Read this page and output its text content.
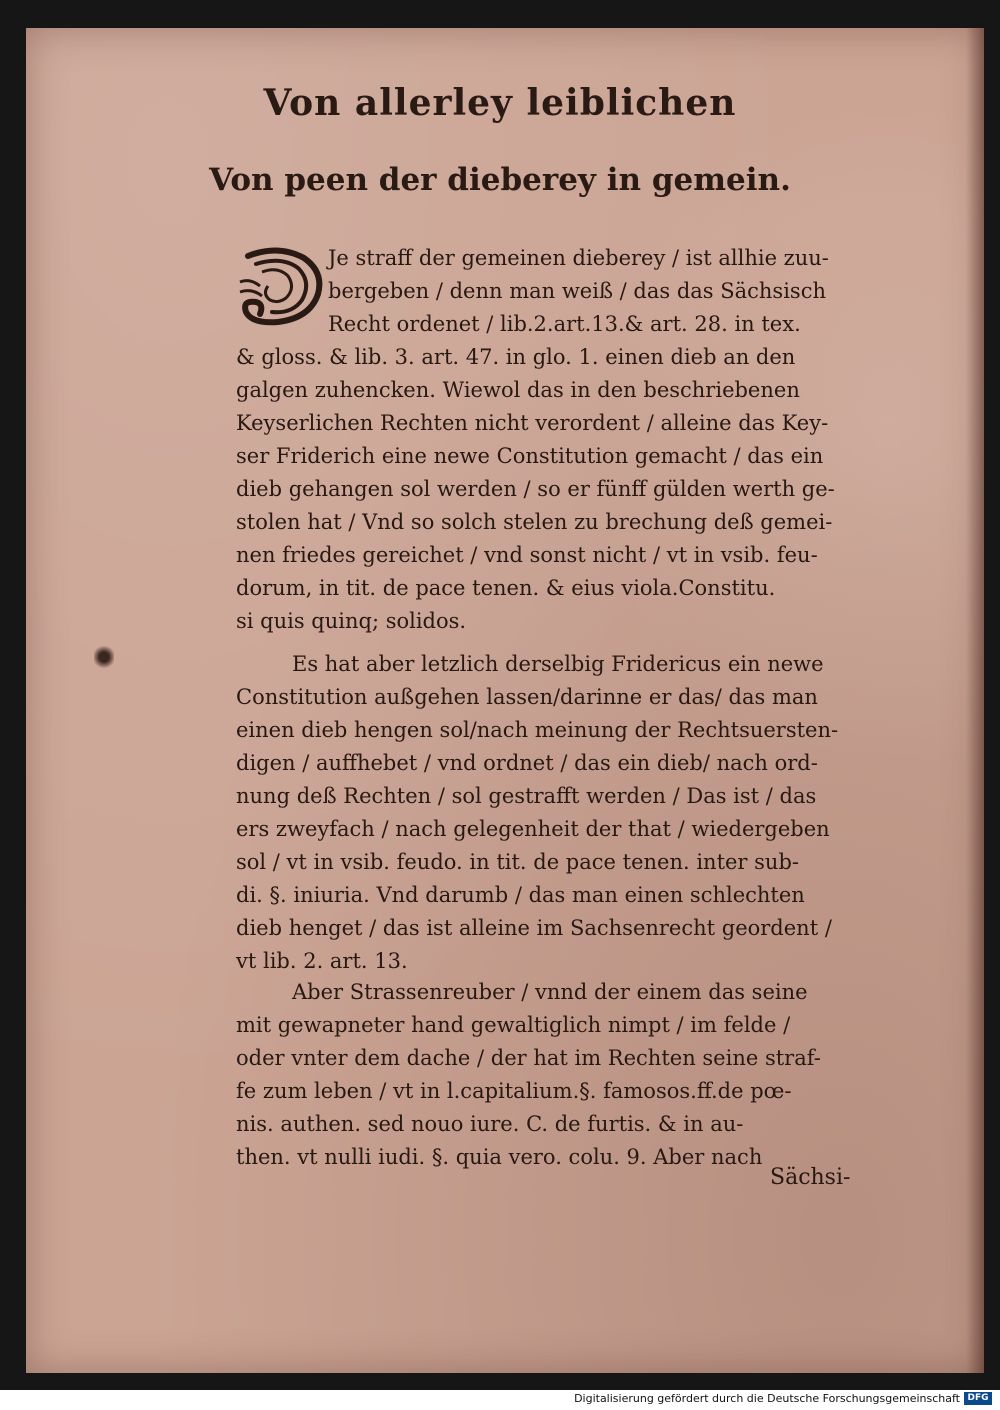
Von allerley leiblichen
Von peen der dieberey in gemein.
Je straff der gemeinen dieberey / ist allhie zuu-
bergeben / denn man weiß / das das Sächsisch
Recht ordenet / lib.2.art.13.& art. 28. in tex.
& gloss. & lib. 3. art. 47. in glo. 1. einen dieb an den
galgen zuhencken. Wiewol das in den beschriebenen
Keyserlichen Rechten nicht verordent / alleine das Key-
ser Friderich eine newe Constitution gemacht / das ein
dieb gehangen sol werden / so er fünff gülden werth ge-
stolen hat / Vnd so solch stelen zu brechung deß gemei-
nen friedes gereichet / vnd sonst nicht / vt in vsib. feu-
dorum, in tit. de pace tenen. & eius viola.Constitu.
si quis quinq; solidos.
Es hat aber letzlich derselbig Fridericus ein newe
Constitution außgehen lassen/darinne er das/ das man
einen dieb hengen sol/nach meinung der Rechtsuersten-
digen / auffhebet / vnd ordnet / das ein dieb/ nach ord-
nung deß Rechten / sol gestrafft werden / Das ist / das
ers zweyfach / nach gelegenheit der that / wiedergeben
sol / vt in vsib. feudo. in tit. de pace tenen. inter sub-
di. §. iniuria. Vnd darumb / das man einen schlechten
dieb henget / das ist alleine im Sachsenrecht geordent /
vt lib. 2. art. 13.
Aber Strassenreuber / vnnd der einem das seine
mit gewapneter hand gewaltiglich nimpt / im felde /
oder vnter dem dache / der hat im Rechten seine straf-
fe zum leben / vt in l.capitalium.§. famosos.ff.de pœ-
nis. authen. sed nouo iure. C. de furtis. & in au-
then. vt nulli iudi. §. quia vero. colu. 9. Aber nach
Sächsi-
Digitalisierung gefördert durch die Deutsche Forschungsgemeinschaft DFG
